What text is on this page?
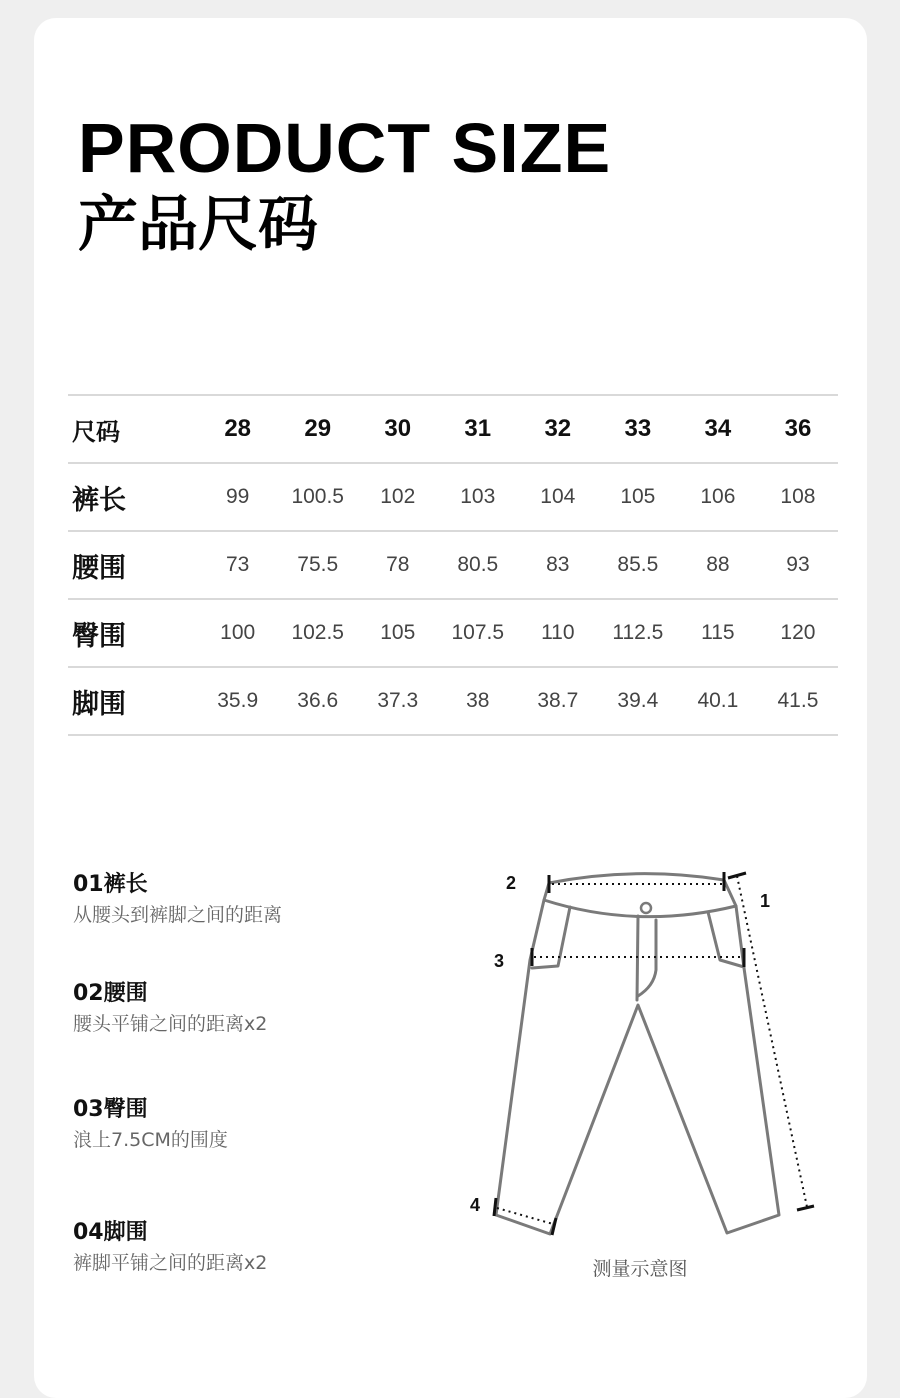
PRODUCT SIZE
产品尺码
尺码	28	29	30	31	32	33	34	36
裤长	99	100.5	102	103	104	105	106	108
腰围	73	75.5	78	80.5	83	85.5	88	93
臀围	100	102.5	105	107.5	110	112.5	115	120
脚围	35.9	36.6	37.3	38	38.7	39.4	40.1	41.5
01裤长
从腰头到裤脚之间的距离
02腰围
腰头平铺之间的距离x2
03臀围
浪上7.5CM的围度
04脚围
裤脚平铺之间的距离x2
1
2
3
4
测量示意图
